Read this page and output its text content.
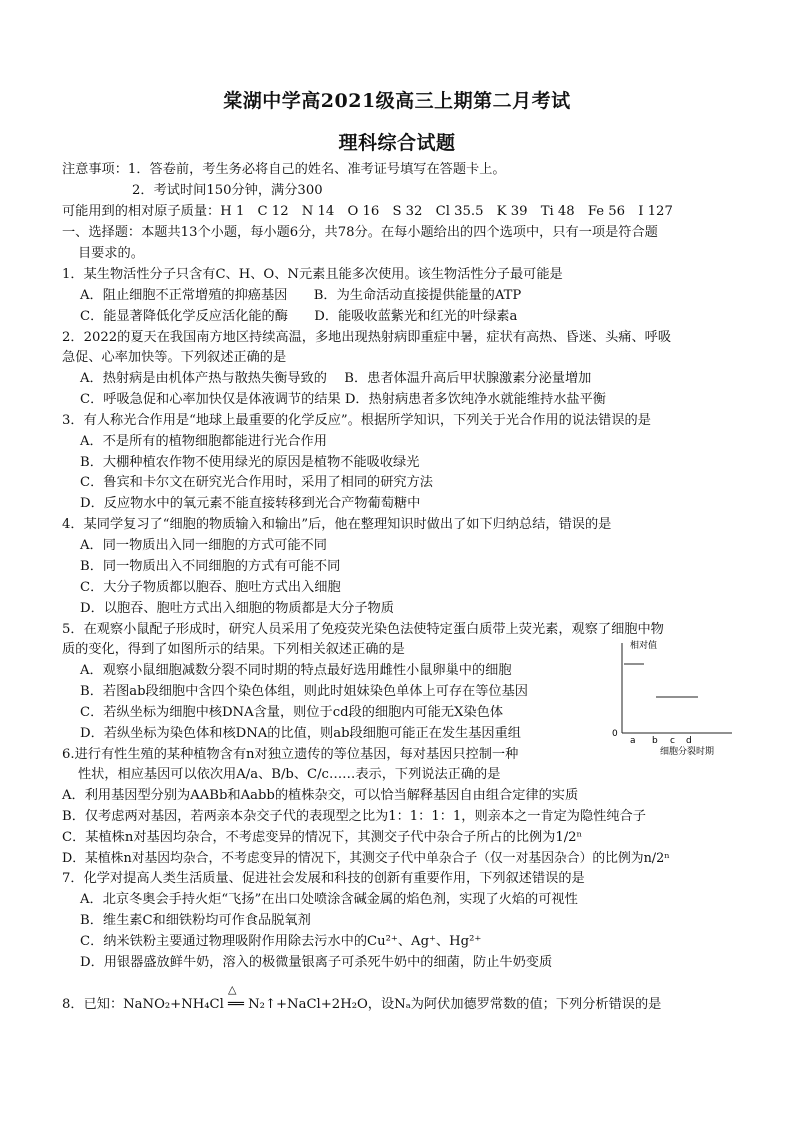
棠湖中学高2021级高三上期第二月考试
理科综合试题
注意事项：1．答卷前，考生务必将自己的姓名、准考证号填写在答题卡上。
2．考试时间150分钟，满分300
可能用到的相对原子质量：H 1　C 12　N 14　O 16　S 32　Cl 35.5　K 39　Ti 48　Fe 56　I 127
一、选择题：本题共13个小题，每小题6分，共78分。在每小题给出的四个选项中，只有一项是符合题
目要求的。
1．某生物活性分子只含有C、H、O、N元素且能多次使用。该生物活性分子最可能是
A．阻止细胞不正常增殖的抑癌基因　　B．为生命活动直接提供能量的ATP
C．能显著降低化学反应活化能的酶　　D．能吸收蓝紫光和红光的叶绿素a
2．2022的夏天在我国南方地区持续高温，多地出现热射病即重症中暑，症状有高热、昏迷、头痛、呼吸
急促、心率加快等。下列叙述正确的是
A．热射病是由机体产热与散热失衡导致的　 B．患者体温升高后甲状腺激素分泌量增加
C．呼吸急促和心率加快仅是体液调节的结果 D．热射病患者多饮纯净水就能维持水盐平衡
3．有人称光合作用是“地球上最重要的化学反应”。根据所学知识，下列关于光合作用的说法错误的是
A．不是所有的植物细胞都能进行光合作用
B．大棚种植农作物不使用绿光的原因是植物不能吸收绿光
C．鲁宾和卡尔文在研究光合作用时，采用了相同的研究方法
D．反应物水中的氧元素不能直接转移到光合产物葡萄糖中
4．某同学复习了“细胞的物质输入和输出”后，他在整理知识时做出了如下归纳总结，错误的是
A．同一物质出入同一细胞的方式可能不同
B．同一物质出入不同细胞的方式有可能不同
C．大分子物质都以胞吞、胞吐方式出入细胞
D．以胞吞、胞吐方式出入细胞的物质都是大分子物质
5．在观察小鼠配子形成时，研究人员采用了免疫荧光染色法使特定蛋白质带上荧光素，观察了细胞中物
质的变化，得到了如图所示的结果。下列相关叙述正确的是
A．观察小鼠细胞减数分裂不同时期的特点最好选用雌性小鼠卵巢中的细胞
B．若图ab段细胞中含四个染色体组，则此时姐妹染色单体上可存在等位基因
C．若纵坐标为细胞中核DNA含量，则位于cd段的细胞内可能无X染色体
D．若纵坐标为染色体和核DNA的比值，则ab段细胞可能正在发生基因重组
相对值
0
a b c d
细胞分裂时期
6.进行有性生殖的某种植物含有n对独立遗传的等位基因，每对基因只控制一种
性状，相应基因可以依次用A/a、B/b、C/c……表示，下列说法正确的是
A．利用基因型分别为AABb和Aabb的植株杂交，可以恰当解释基因自由组合定律的实质
B．仅考虑两对基因，若两亲本杂交子代的表现型之比为1：1：1：1，则亲本之一肯定为隐性纯合子
C．某植株n对基因均杂合，不考虑变异的情况下，其测交子代中杂合子所占的比例为1/2ⁿ
D．某植株n对基因均杂合，不考虑变异的情况下，其测交子代中单杂合子（仅一对基因杂合）的比例为n/2ⁿ
7．化学对提高人类生活质量、促进社会发展和科技的创新有重要作用，下列叙述错误的是
A．北京冬奥会手持火炬“飞扬”在出口处喷涂含碱金属的焰色剂，实现了火焰的可视性
B．维生素C和细铁粉均可作食品脱氧剂
C．纳米铁粉主要通过物理吸附作用除去污水中的Cu²⁺、Ag⁺、Hg²⁺
D．用银器盛放鲜牛奶，溶入的极微量银离子可杀死牛奶中的细菌，防止牛奶变质
△
8．已知：NaNO₂+NH₄Cl ══ N₂↑+NaCl+2H₂O，设Nₐ为阿伏加德罗常数的值；下列分析错误的是
